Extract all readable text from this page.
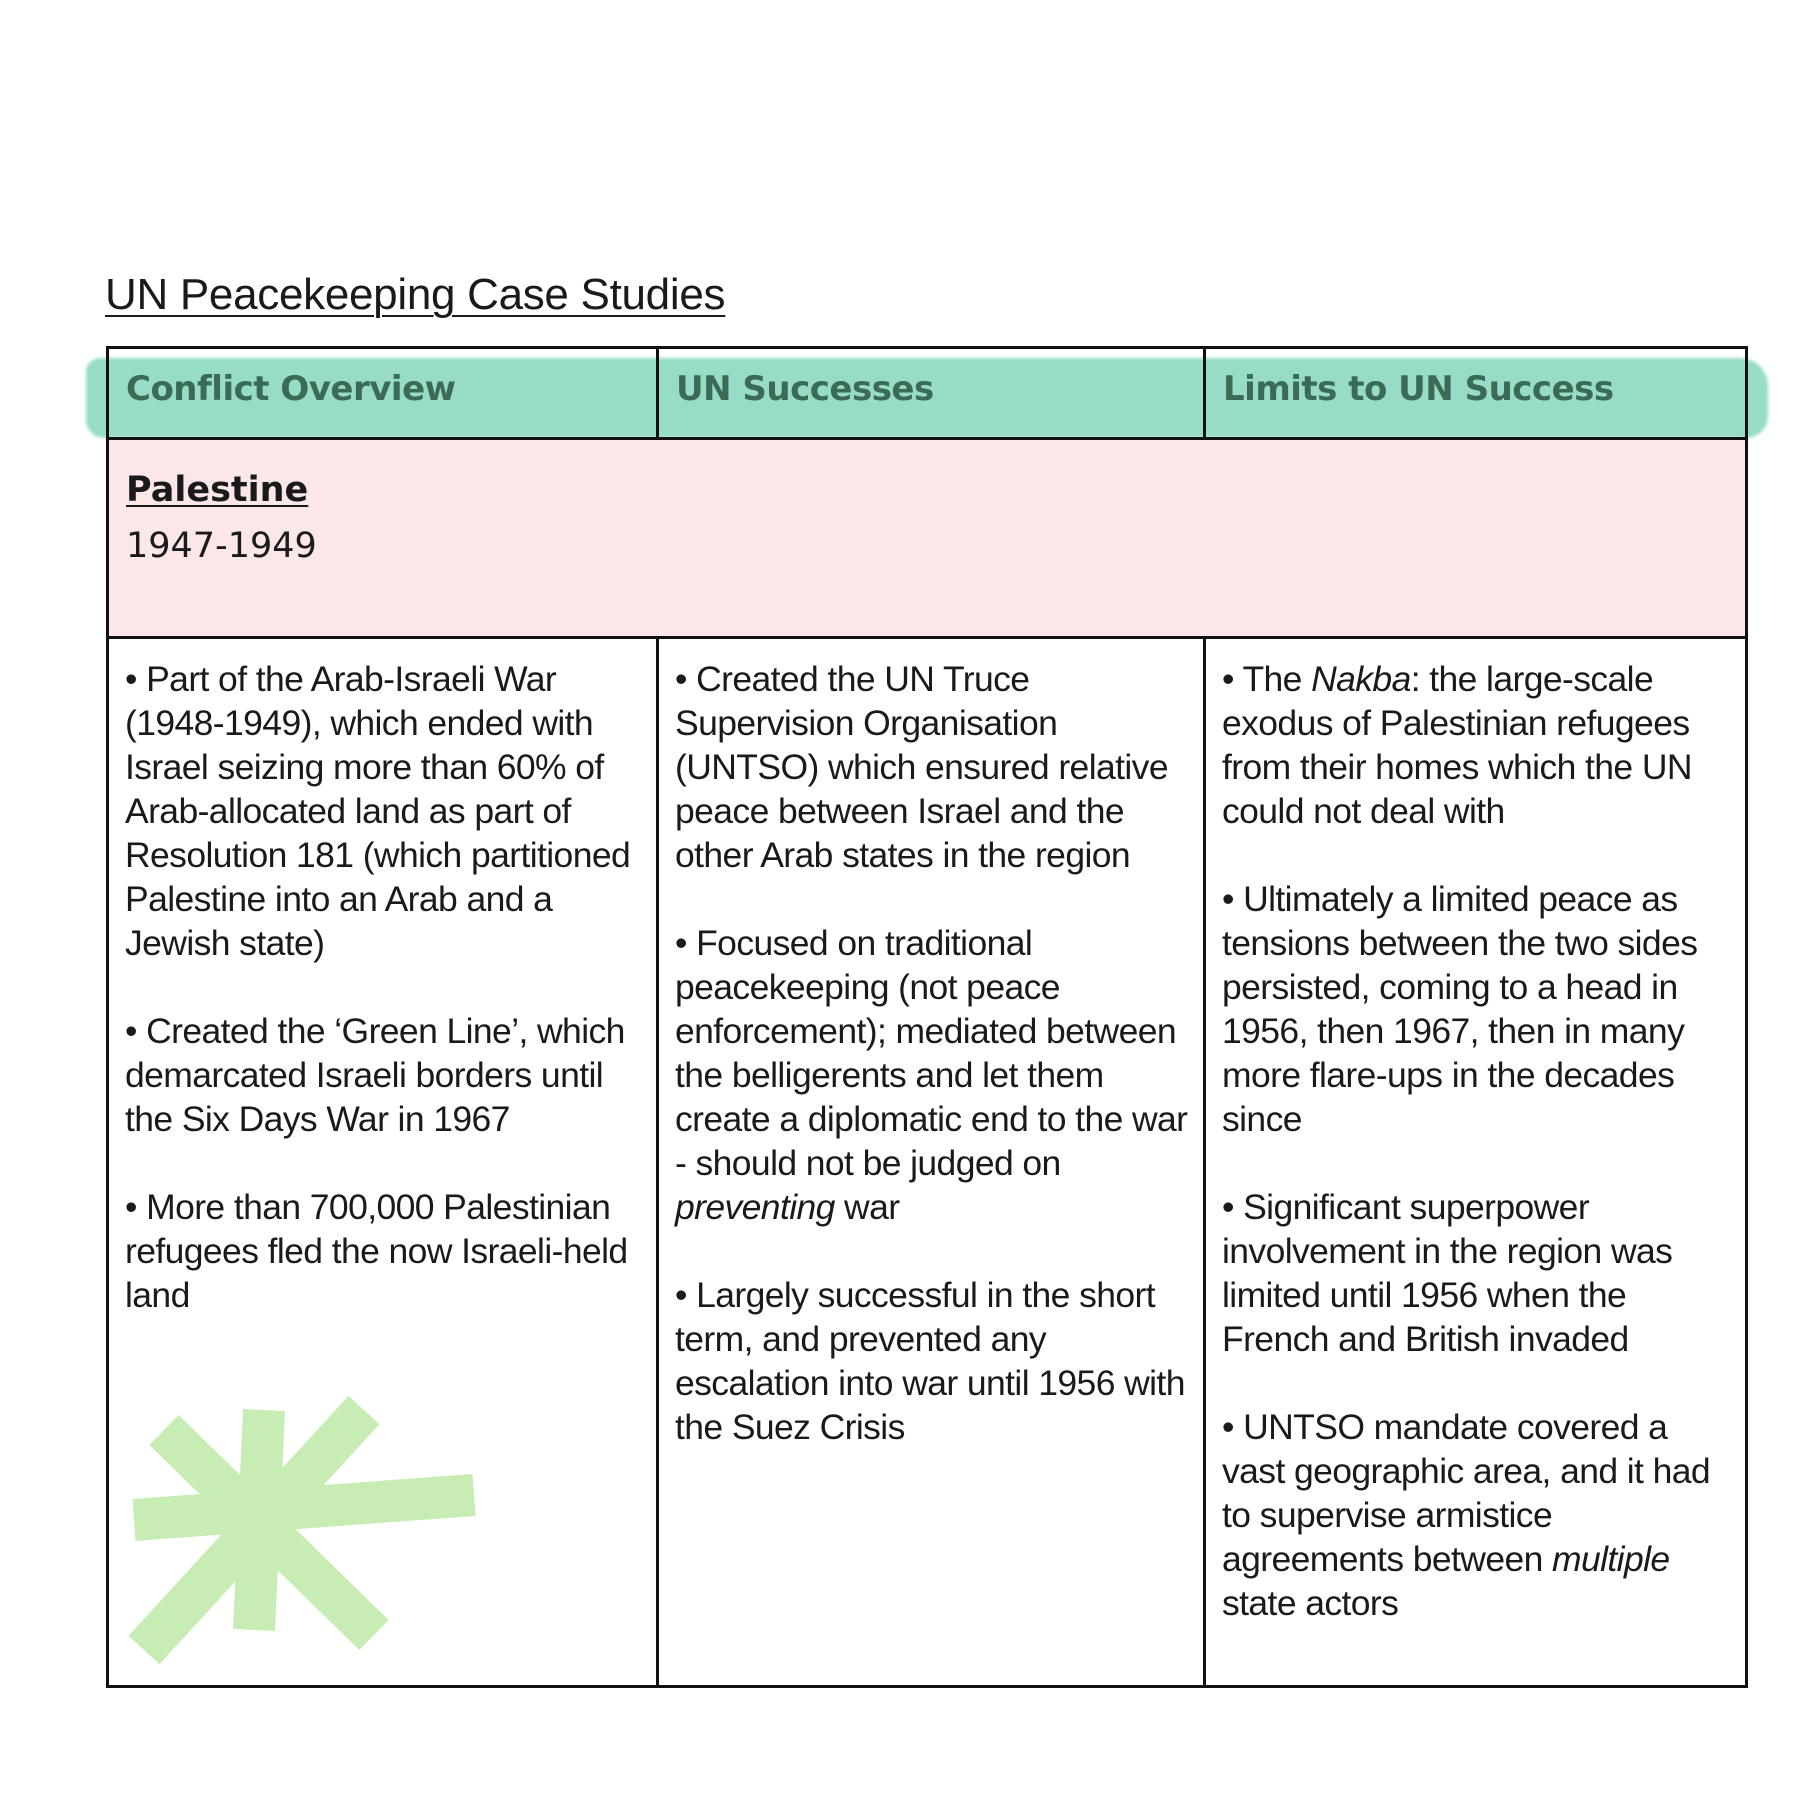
UN Peacekeeping Case Studies
Conflict Overview	UN Successes	Limits to UN Success
Palestine
1947-1949

• Part of the Arab-Israeli War (1948-1949), which ended with Israel seizing more than 60% of Arab-allocated land as part of Resolution 181 (which partitioned Palestine into an Arab and a Jewish state)

• Created the ‘Green Line’, which demarcated Israeli borders until the Six Days War in 1967

• More than 700,000 Palestinian refugees fled the now Israeli-held land

• Created the UN Truce Supervision Organisation (UNTSO) which ensured relative peace between Israel and the other Arab states in the region

• Focused on traditional peacekeeping (not peace enforcement); mediated between the belligerents and let them create a diplomatic end to the war - should not be judged on preventing war

• Largely successful in the short term, and prevented any escalation into war until 1956 with the Suez Crisis

• The Nakba: the large-scale exodus of Palestinian refugees from their homes which the UN could not deal with

• Ultimately a limited peace as tensions between the two sides persisted, coming to a head in 1956, then 1967, then in many more flare-ups in the decades since

• Significant superpower involvement in the region was limited until 1956 when the French and British invaded

• UNTSO mandate covered a vast geographic area, and it had to supervise armistice agreements between multiple state actors
